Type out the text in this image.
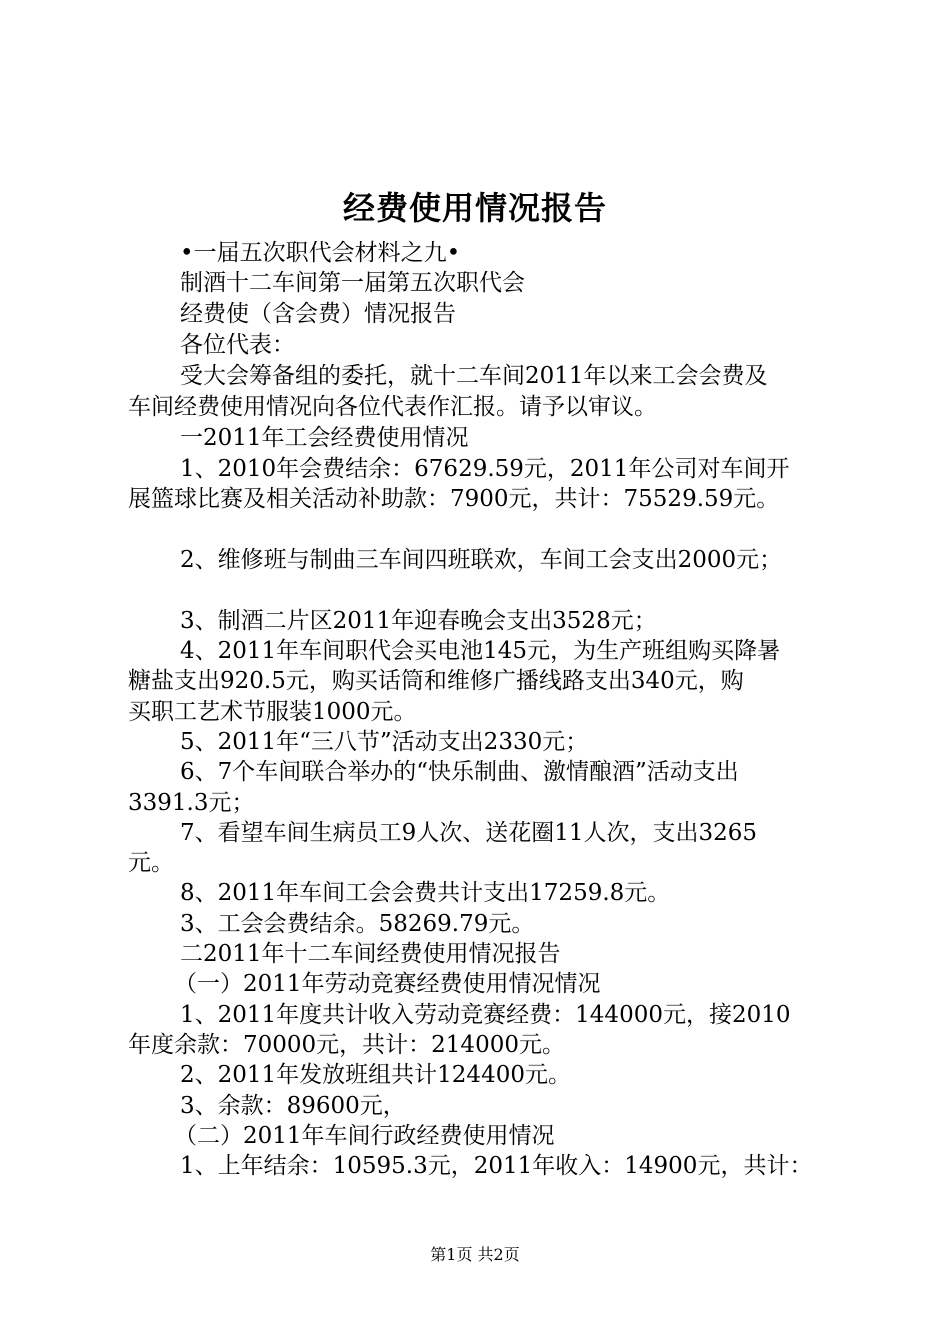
经费使用情况报告
•一届五次职代会材料之九•
制酒十二车间第一届第五次职代会
经费使（含会费）情况报告
各位代表：
受大会筹备组的委托，就十二车间2011年以来工会会费及
车间经费使用情况向各位代表作汇报。请予以审议。
一2011年工会经费使用情况
1、2010年会费结余：67629.59元，2011年公司对车间开
展篮球比赛及相关活动补助款：7900元，共计：75529.59元。
2、维修班与制曲三车间四班联欢，车间工会支出2000元；
3、制酒二片区2011年迎春晚会支出3528元；
4、2011年车间职代会买电池145元，为生产班组购买降暑
糖盐支出920.5元，购买话筒和维修广播线路支出340元，购
买职工艺术节服装1000元。
5、2011年“三八节”活动支出2330元；
6、7个车间联合举办的“快乐制曲、激情酿酒”活动支出
3391.3元；
7、看望车间生病员工9人次、送花圈11人次，支出3265
元。
8、2011年车间工会会费共计支出17259.8元。
3、工会会费结余。58269.79元。
二2011年十二车间经费使用情况报告
（一）2011年劳动竞赛经费使用情况情况
1、2011年度共计收入劳动竞赛经费：144000元，接2010
年度余款：70000元，共计：214000元。
2、2011年发放班组共计124400元。
3、余款：89600元，
（二）2011年车间行政经费使用情况
1、上年结余：10595.3元，2011年收入：14900元，共计：
第1页 共2页
